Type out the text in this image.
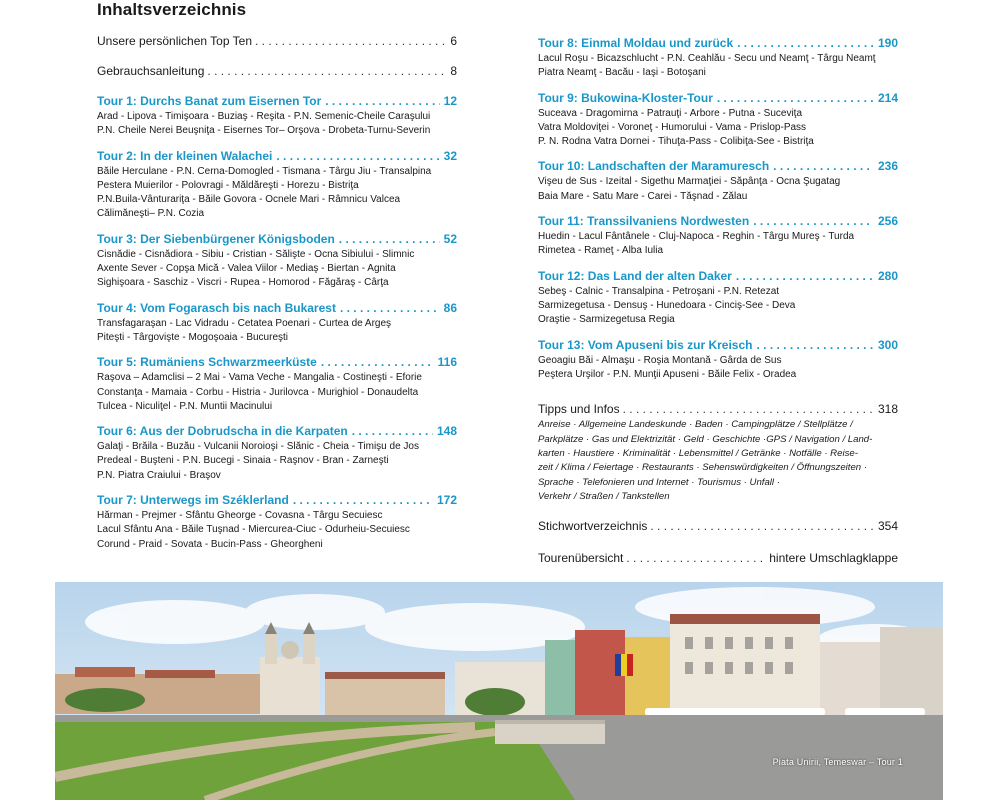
Inhaltsverzeichnis
Unsere persönlichen Top Ten . . .	6
Gebrauchsanleitung . . .	8
Tour 1: Durchs Banat zum Eisernen Tor . . .	12
Arad - Lipova - Timişoara - Buziaş - Reşita - P.N. Semenic-Cheile Caraşului
P.N. Cheile Nerei Beuşniţa - Eisernes Tor– Orşova - Drobeta-Turnu-Severin
Tour 2: In der kleinen Walachei . . .	32
Băile Herculane - P.N. Cerna-Domogled - Tismana - Târgu Jiu - Transalpina
Pestera Muierilor - Polovragi - Măldăreşti - Horezu - Bistriţa
P.N.Buila-Vânturariţa - Băile Govora - Ocnele Mari - Râmnicu Valcea
Călimăneşti– P.N. Cozia
Tour 3: Der Siebenbürgener Königsboden . . .	52
Cisnădie - Cisnădiora - Sibiu - Cristian - Sălişte - Ocna Sibiului - Slimnic
Axente Sever - Copşa Mică - Valea Viilor - Mediaş - Biertan - Agnita
Sighişoara - Saschiz - Viscri - Rupea - Homorod - Făgăraş - Cârţa
Tour 4: Vom Fogarasch bis nach Bukarest . . .	86
Transfagaraşan - Lac Vidradu - Cetatea Poenari - Curtea de Argeş
Piteşti - Târgovişte - Mogoşoaia - Bucureşti
Tour 5: Rumäniens Schwarzmeerküste . . .	116
Raşova – Adamclisi – 2 Mai - Vama Veche - Mangalia - Costineşti - Eforie
Constanţa - Mamaia - Corbu - Histria - Jurilovca - Murighiol - Donaudelta
Tulcea - Niculiţel - P.N. Muntii Macinului
Tour 6: Aus der Dobrudscha in die Karpaten . . .	148
Galaţi - Brăila - Buzău - Vulcanii Noroioşi - Slănic - Cheia - Timişu de Jos
Predeal - Buşteni - P.N. Bucegi - Sinaia - Raşnov - Bran - Zarneşti
P.N. Piatra Craiului - Braşov
Tour 7: Unterwegs im Széklerland . . .	172
Hărman - Prejmer - Sfântu Gheorge - Covasna - Târgu Secuiesc
Lacul Sfântu Ana - Băile Tuşnad - Miercurea-Ciuc - Odurheiu-Secuiesc
Corund - Praid - Sovata - Bucin-Pass - Gheorgheni
Tour 8: Einmal Moldau und zurück . . .	190
Lacul Roşu - Bicazschlucht - P.N. Ceahlău - Secu und Neamţ - Târgu Neamţ
Piatra Neamţ - Bacău - Iaşi - Botoşani
Tour 9: Bukowina-Kloster-Tour . . .	214
Suceava - Dragomirna - Patrauţi - Arbore - Putna - Suceviţa
Vatra Moldoviţei - Voroneţ - Humorului - Vama - Prislop-Pass
P. N. Rodna Vatra Dornei - Tihuţa-Pass - Colibiţa-See - Bistriţa
Tour 10: Landschaften der Maramuresch . . .	236
Vişeu de Sus - Izeital - Sigethu Marmaţiei - Săpânţa - Ocna Şugatag
Baia Mare - Satu Mare - Carei - Tăşnad - Zălau
Tour 11: Transsilvaniens Nordwesten . . .	256
Huedin - Lacul Fântânele - Cluj-Napoca - Reghin - Târgu Mureş - Turda
Rimetea - Rameţ - Alba Iulia
Tour 12: Das Land der alten Daker . . .	280
Sebeş - Calnic - Transalpina - Petroşani - P.N. Retezat
Sarmizegetusa - Densuş - Hunedoara - Cinciş-See - Deva
Oraştie - Sarmizegetusa Regia
Tour 13: Vom Apuseni bis zur Kreisch . . .	300
Geoagiu Băi - Almaşu - Roşia Montană - Gârda de Sus
Peştera Urşilor - P.N. Munţii Apuseni - Băile Felix - Oradea
Tipps und Infos . . .	318
Anreise · Allgemeine Landeskunde · Baden · Campingplätze / Stellplätze /
Parkplätze · Gas und Elektrizität · Geld · Geschichte ·GPS / Navigation / Land-
karten · Haustiere · Kriminalität · Lebensmittel / Getränke · Notfälle · Reise-
zeit / Klima / Feiertage · Restaurants · Sehenswürdigkeiten / Öffnungszeiten ·
Sprache · Telefonieren und Internet · Tourismus · Unfall ·
Verkehr / Straßen / Tankstellen
Stichwortverzeichnis . . .	354
Tourenübersicht . . .	hintere Umschlagklappe
Piata Unirii, Temeswar – Tour 1
